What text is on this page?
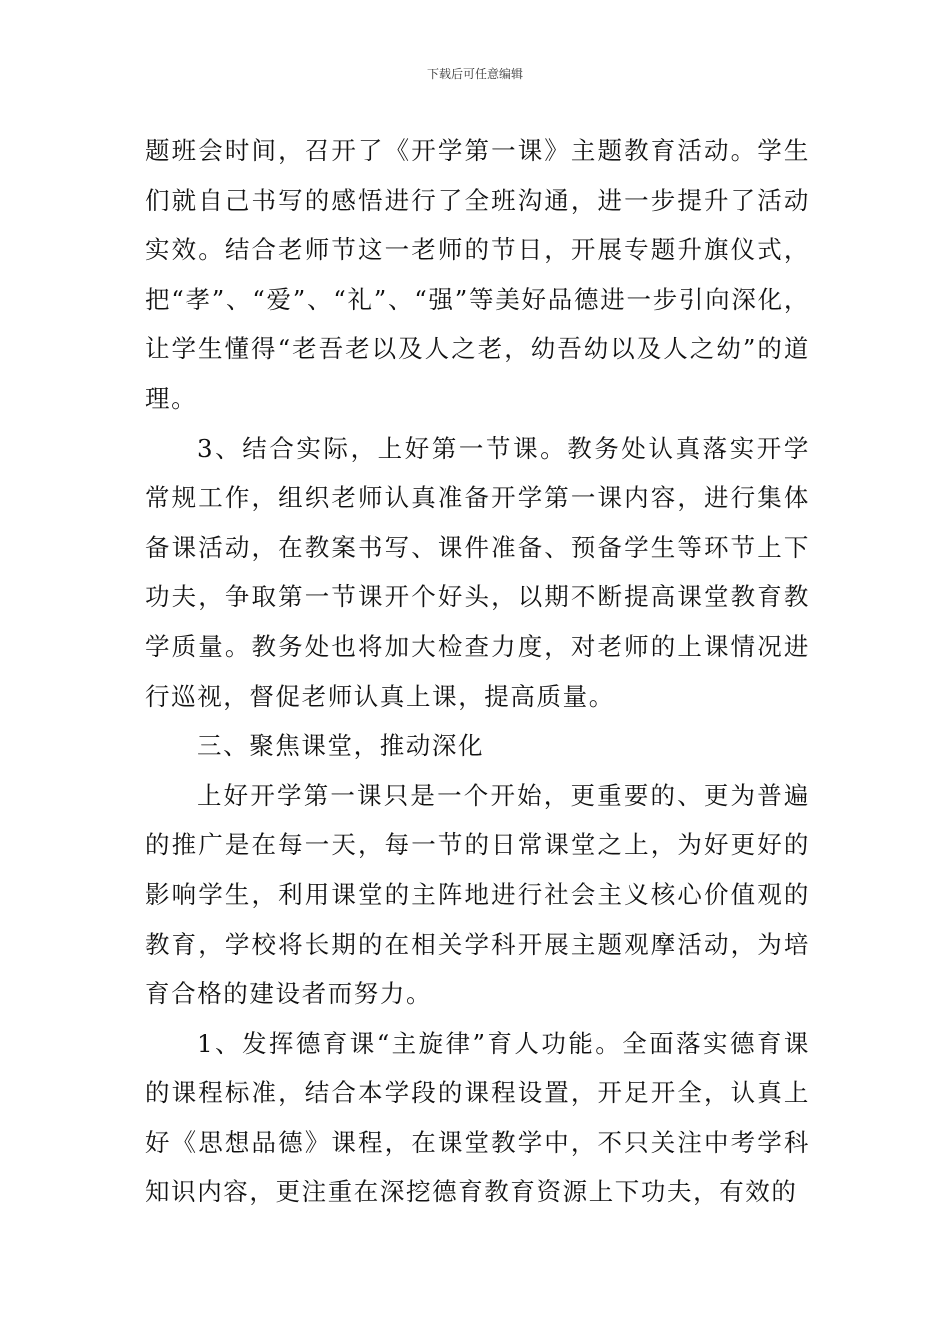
下载后可任意编辑

题班会时间，召开了《开学第一课》主题教育活动。学生们就自己书写的感悟进行了全班沟通，进一步提升了活动实效。结合老师节这一老师的节日，开展专题升旗仪式，把“孝”、“爱”、“礼”、“强”等美好品德进一步引向深化，让学生懂得“老吾老以及人之老，幼吾幼以及人之幼”的道理。

3、结合实际，上好第一节课。教务处认真落实开学常规工作，组织老师认真准备开学第一课内容，进行集体备课活动，在教案书写、课件准备、预备学生等环节上下功夫，争取第一节课开个好头，以期不断提高课堂教育教学质量。教务处也将加大检查力度，对老师的上课情况进行巡视，督促老师认真上课，提高质量。

三、聚焦课堂，推动深化

上好开学第一课只是一个开始，更重要的、更为普遍的推广是在每一天，每一节的日常课堂之上，为好更好的影响学生，利用课堂的主阵地进行社会主义核心价值观的教育，学校将长期的在相关学科开展主题观摩活动，为培育合格的建设者而努力。

1、发挥德育课“主旋律”育人功能。全面落实德育课的课程标准，结合本学段的课程设置，开足开全，认真上好《思想品德》课程，在课堂教学中，不只关注中考学科知识内容，更注重在深挖德育教育资源上下功夫，有效的
